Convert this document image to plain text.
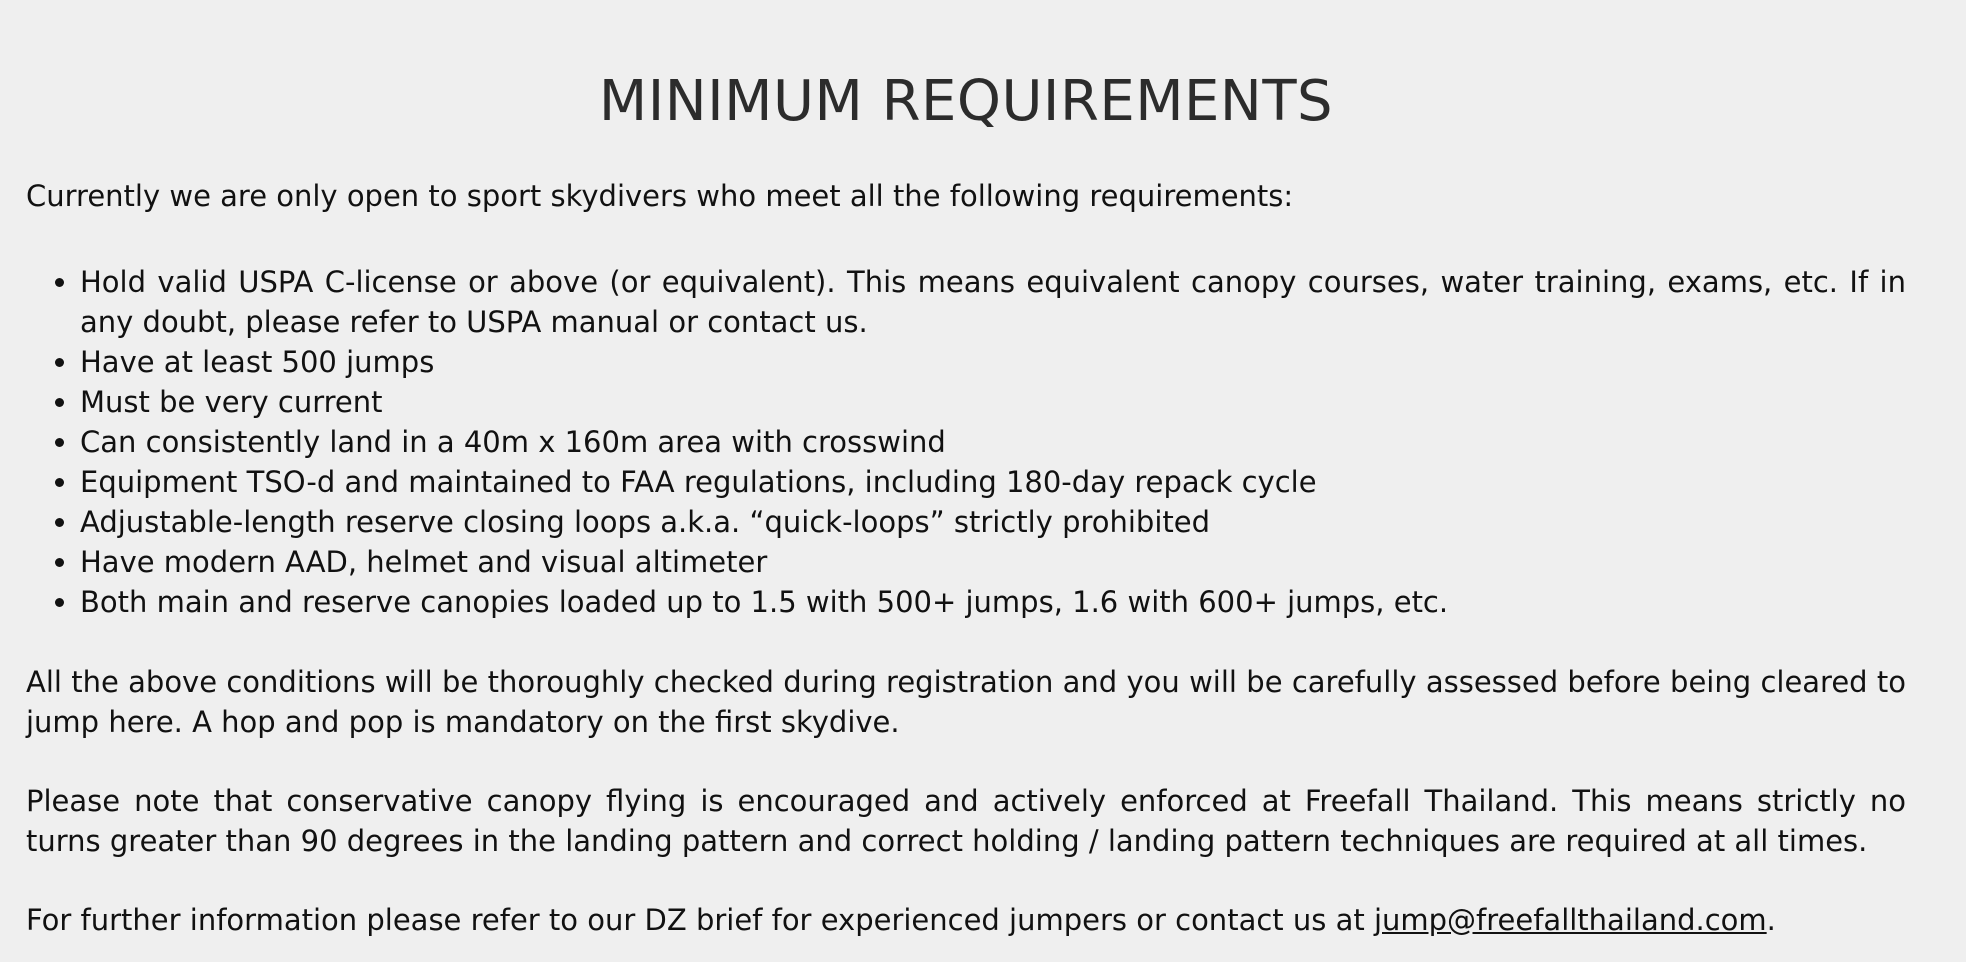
MINIMUM REQUIREMENTS

Currently we are only open to sport skydivers who meet all the following requirements:

• Hold valid USPA C-license or above (or equivalent). This means equivalent canopy courses, water training, exams, etc. If in any doubt, please refer to USPA manual or contact us.
• Have at least 500 jumps
• Must be very current
• Can consistently land in a 40m x 160m area with crosswind
• Equipment TSO-d and maintained to FAA regulations, including 180-day repack cycle
• Adjustable-length reserve closing loops a.k.a. “quick-loops” strictly prohibited
• Have modern AAD, helmet and visual altimeter
• Both main and reserve canopies loaded up to 1.5 with 500+ jumps, 1.6 with 600+ jumps, etc.

All the above conditions will be thoroughly checked during registration and you will be carefully assessed before being cleared to jump here. A hop and pop is mandatory on the first skydive.

Please note that conservative canopy flying is encouraged and actively enforced at Freefall Thailand. This means strictly no turns greater than 90 degrees in the landing pattern and correct holding / landing pattern techniques are required at all times.

For further information please refer to our DZ brief for experienced jumpers or contact us at jump@freefallthailand.com.
